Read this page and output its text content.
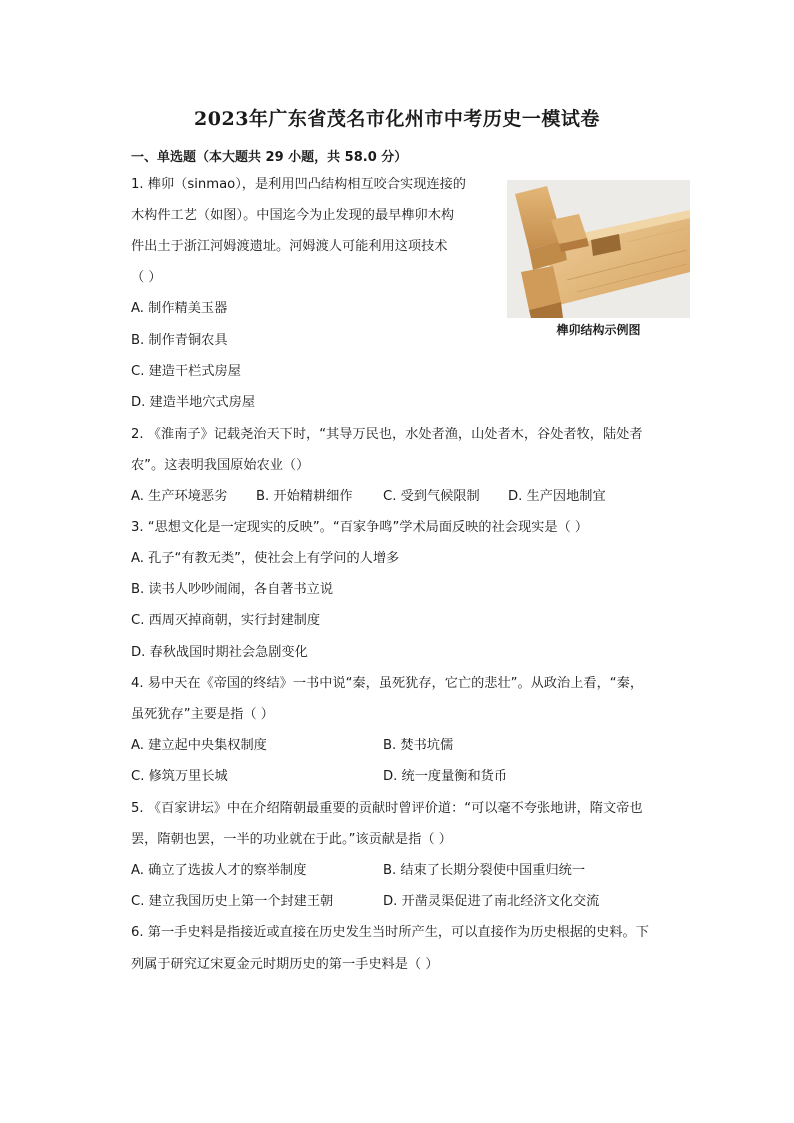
2023年广东省茂名市化州市中考历史一模试卷
一、单选题（本大题共 29 小题，共 58.0 分）
1. 榫卯（sinmao），是利用凹凸结构相互咬合实现连接的
木构件工艺（如图）。中国迄今为止发现的最早榫卯木构
件出土于浙江河姆渡遗址。河姆渡人可能利用这项技术
（ ）
A. 制作精美玉器
B. 制作青铜农具
C. 建造干栏式房屋
D. 建造半地穴式房屋
榫卯结构示例图
2. 《淮南子》记载尧治天下时，“其导万民也，水处者渔，山处者木，谷处者牧，陆处者
农”。这表明我国原始农业（）
A. 生产环境恶劣 B. 开始精耕细作 C. 受到气候限制 D. 生产因地制宜
3. “思想文化是一定现实的反映”。“百家争鸣”学术局面反映的社会现实是（ ）
A. 孔子“有教无类”，使社会上有学问的人增多
B. 读书人吵吵闹闹，各自著书立说
C. 西周灭掉商朝，实行封建制度
D. 春秋战国时期社会急剧变化
4. 易中天在《帝国的终结》一书中说“秦，虽死犹存，它亡的悲壮”。从政治上看，“秦，
虽死犹存”主要是指（ ）
A. 建立起中央集权制度	B. 焚书坑儒
C. 修筑万里长城	D. 统一度量衡和货币
5. 《百家讲坛》中在介绍隋朝最重要的贡献时曾评价道：“可以毫不夸张地讲，隋文帝也
罢，隋朝也罢，一半的功业就在于此。”该贡献是指（ ）
A. 确立了选拔人才的察举制度	B. 结束了长期分裂使中国重归统一
C. 建立我国历史上第一个封建王朝	D. 开凿灵渠促进了南北经济文化交流
6. 第一手史料是指接近或直接在历史发生当时所产生，可以直接作为历史根据的史料。下
列属于研究辽宋夏金元时期历史的第一手史料是（ ）
